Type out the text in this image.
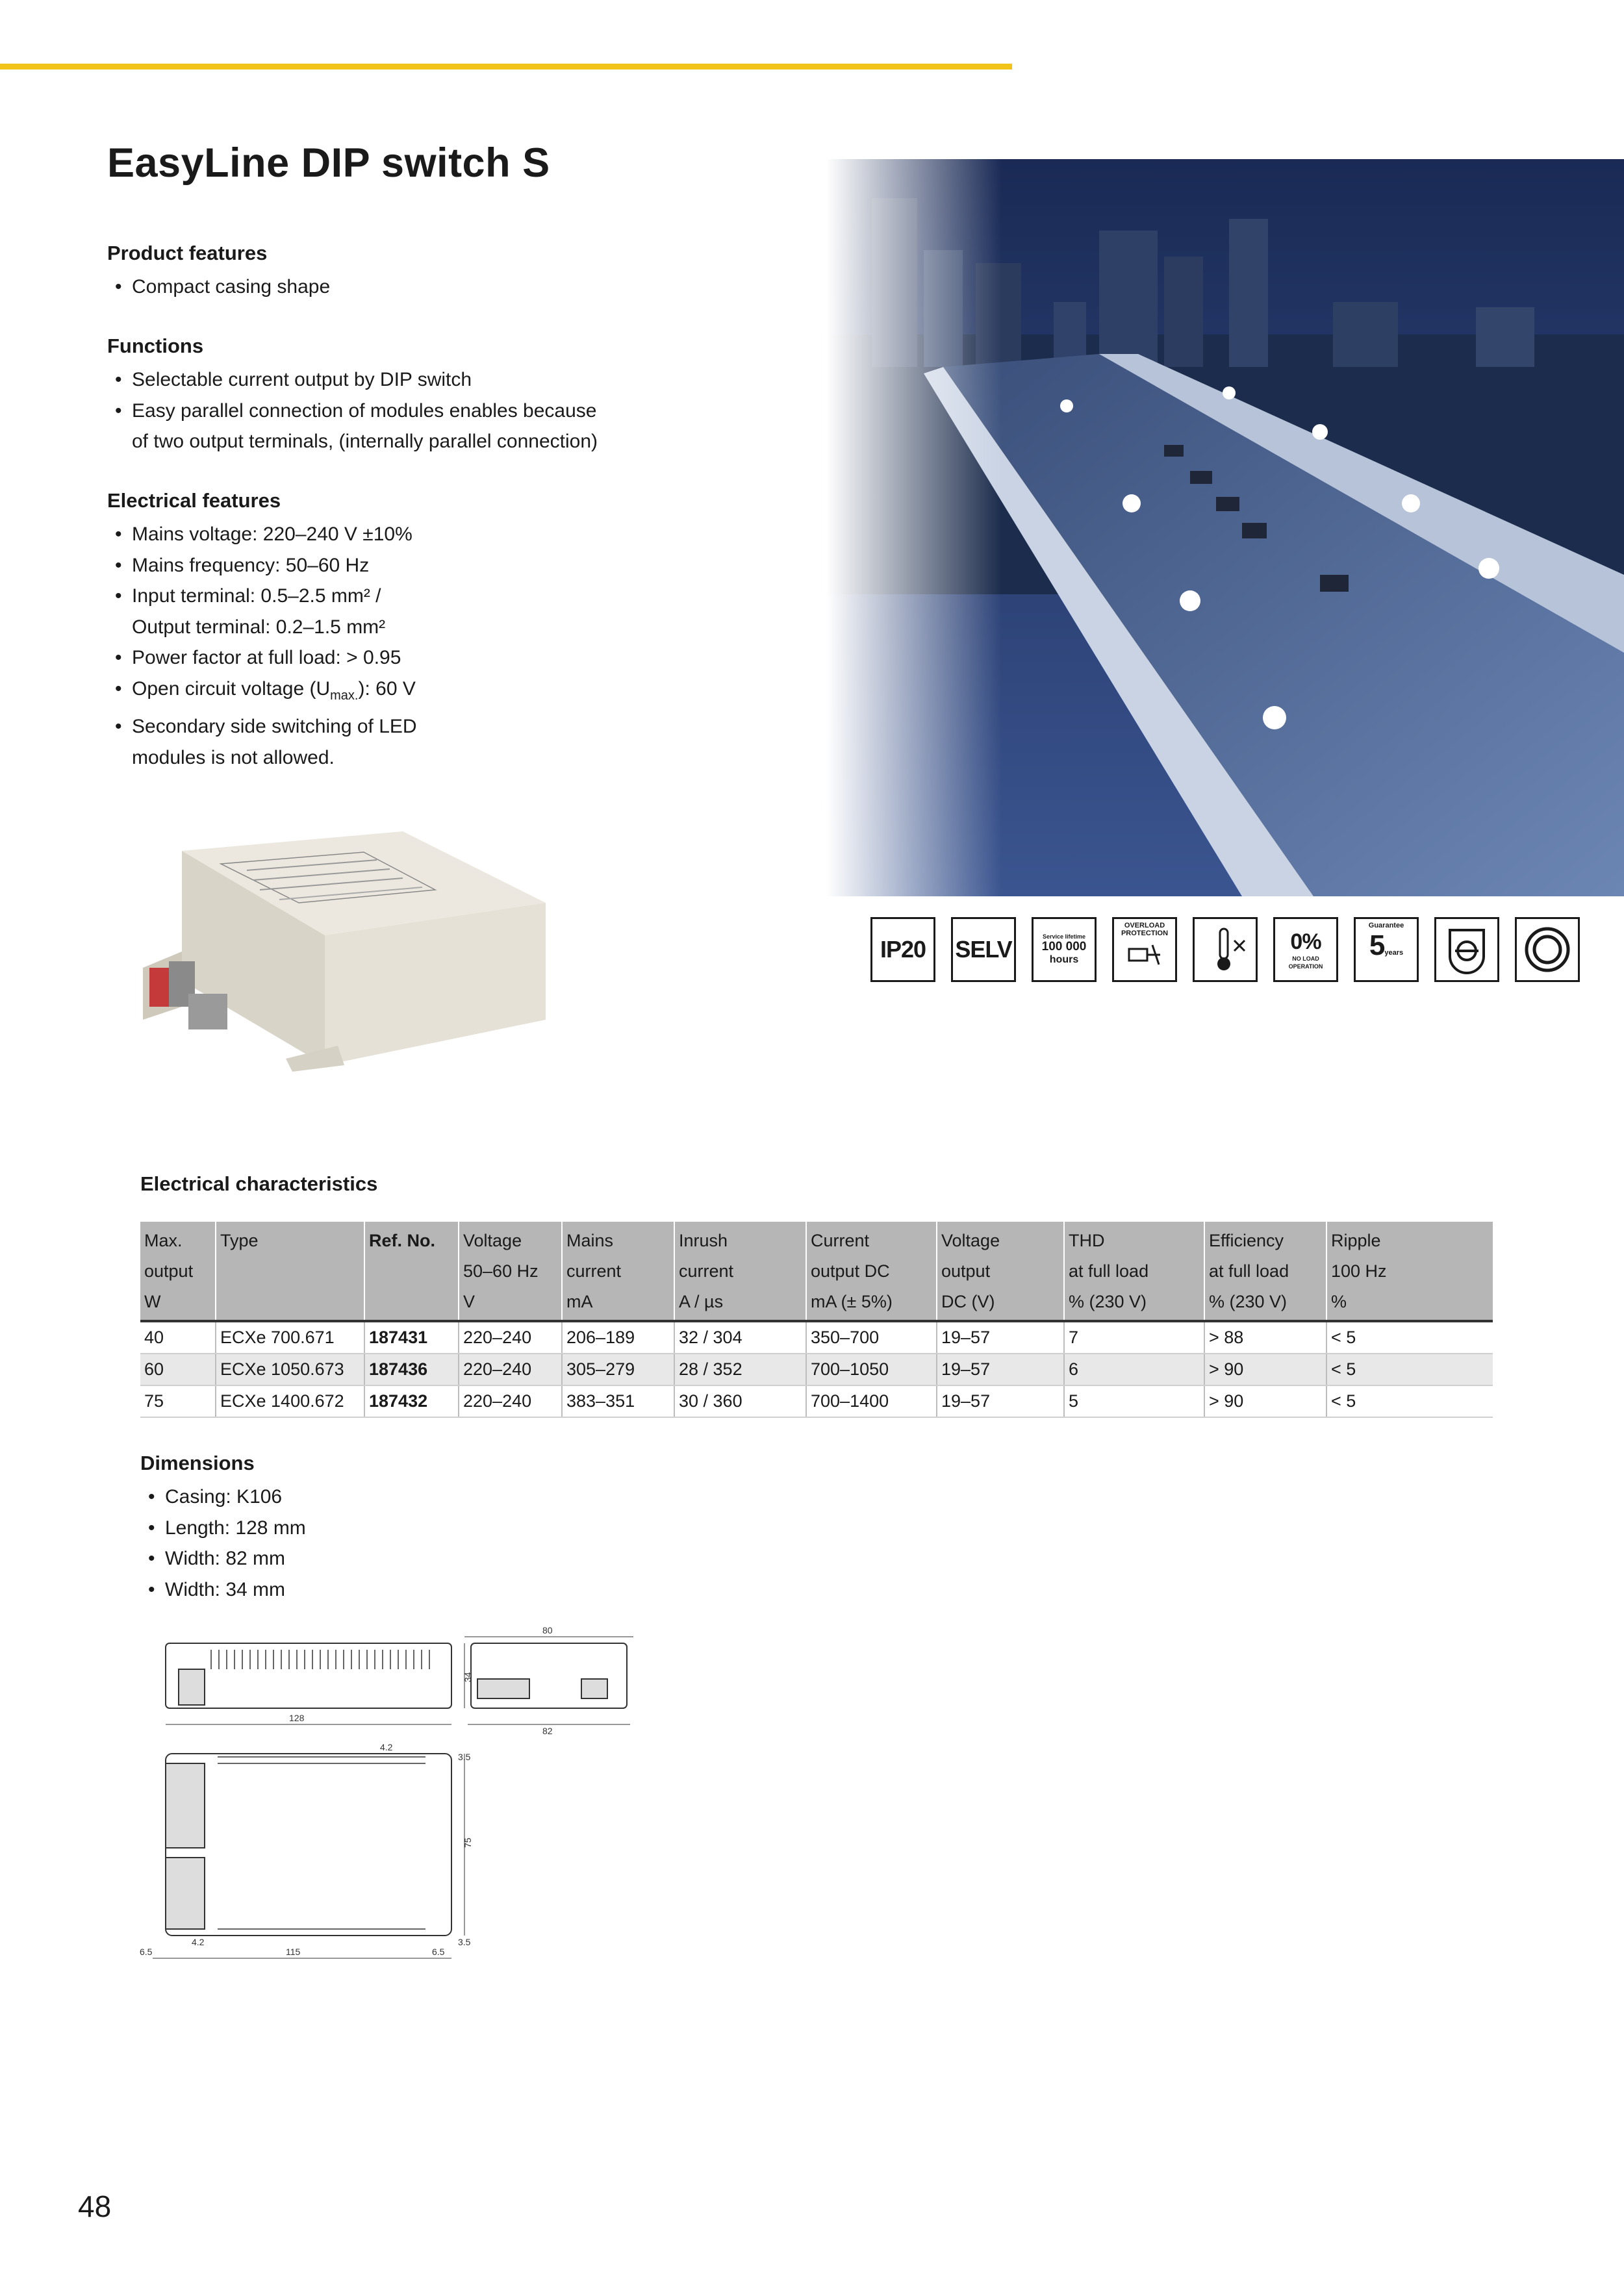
EasyLine DIP switch S
Product features
• Compact casing shape
Functions
• Selectable current output by DIP switch
• Easy parallel connection of modules enables because of two output terminals, (internally parallel connection)
Electrical features
• Mains voltage: 220–240 V ±10%
• Mains frequency: 50–60 Hz
• Input terminal: 0.5–2.5 mm² / Output terminal: 0.2–1.5 mm²
• Power factor at full load: > 0.95
• Open circuit voltage $(U_{max.})$: 60 V
• Secondary side switching of LED modules is not allowed.
IP20 SELV	Service lifetime
100 000
hours
OVERLOAD PROTECTION	0%
NO LOAD OPERATION
Guarantee
5years
Electrical characteristics
Max.
output
W	Type	Ref. No.	Voltage
50–60 Hz
V	Mains
current
mA	Inrush
current
A / µs	Current
output DC
mA (± 5%)	Voltage
output
DC (V)	THD
at full load
% (230 V)	Efficiency
at full load
% (230 V)	Ripple
100 Hz
%

40	ECXe 700.671	187431	220–240	206–189	32 / 304	350–700	19–57	7	> 88	< 5
60	ECXe 1050.673	187436	220–240	305–279	28 / 352	700–1050	19–57	6	> 90	< 5
75	ECXe 1400.672	187432	220–240	383–351	30 / 360	700–1400	19–57	5	> 90	< 5
Dimensions
• Casing: K106
• Length: 128 mm
• Width: 82 mm
• Width: 34 mm
128
34
80
82
4.2
3.5
75
3.5
4.2
6.5	115	6.5
48
